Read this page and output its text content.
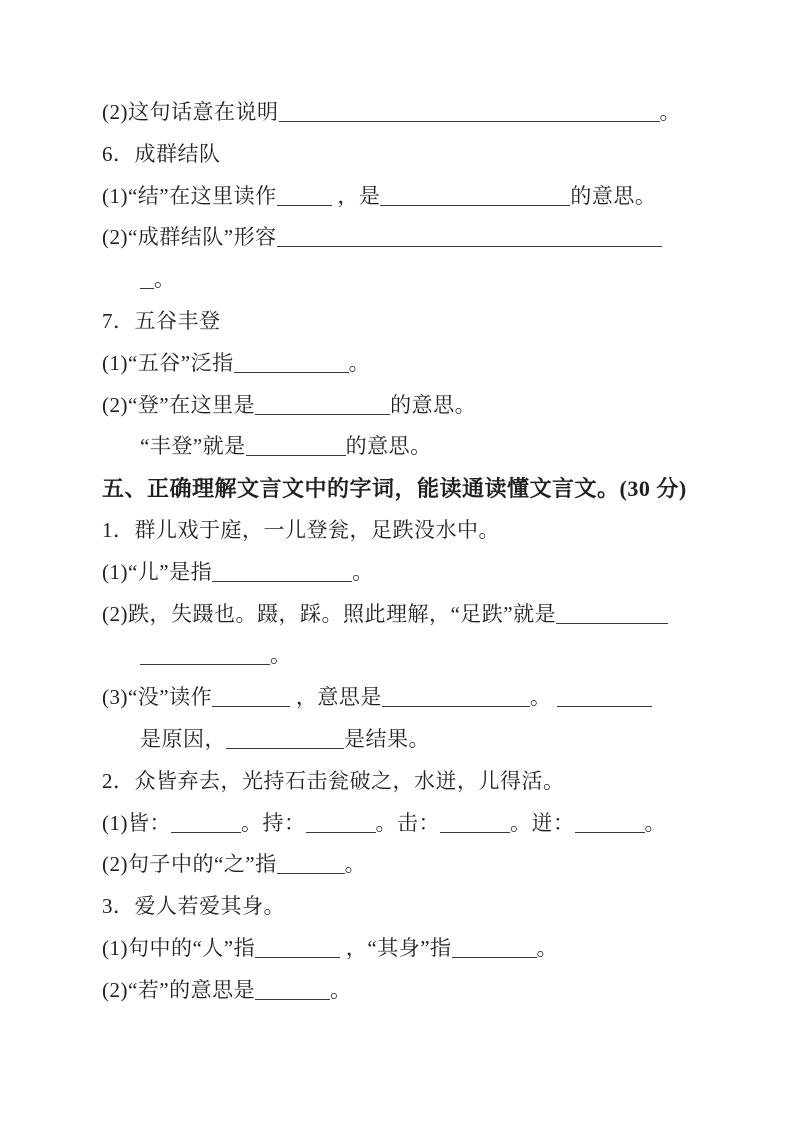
(2)这句话意在说明	。
6．成群结队
(1)“结”在这里读作	，是	的意思。
(2)“成群结队”形容
。
7．五谷丰登
(1)“五谷”泛指	。
(2)“登”在这里是	的意思。
“丰登”就是	的意思。
五、正确理解文言文中的字词，能读通读懂文言文。(30 分)
1．群儿戏于庭，一儿登瓮，足跌没水中。
(1)“儿”是指	。
(2)跌，失蹑也。蹑，踩。照此理解，“足跌”就是
。
(3)“没”读作	，意思是	。
是原因，	是结果。
2．众皆弃去，光持石击瓮破之，水迸，儿得活。
(1)皆：	。持：	。击：	。迸：	。
(2)句子中的“之”指	。
3．爱人若爱其身。
(1)句中的“人”指	，“其身”指	。
(2)“若”的意思是	。
